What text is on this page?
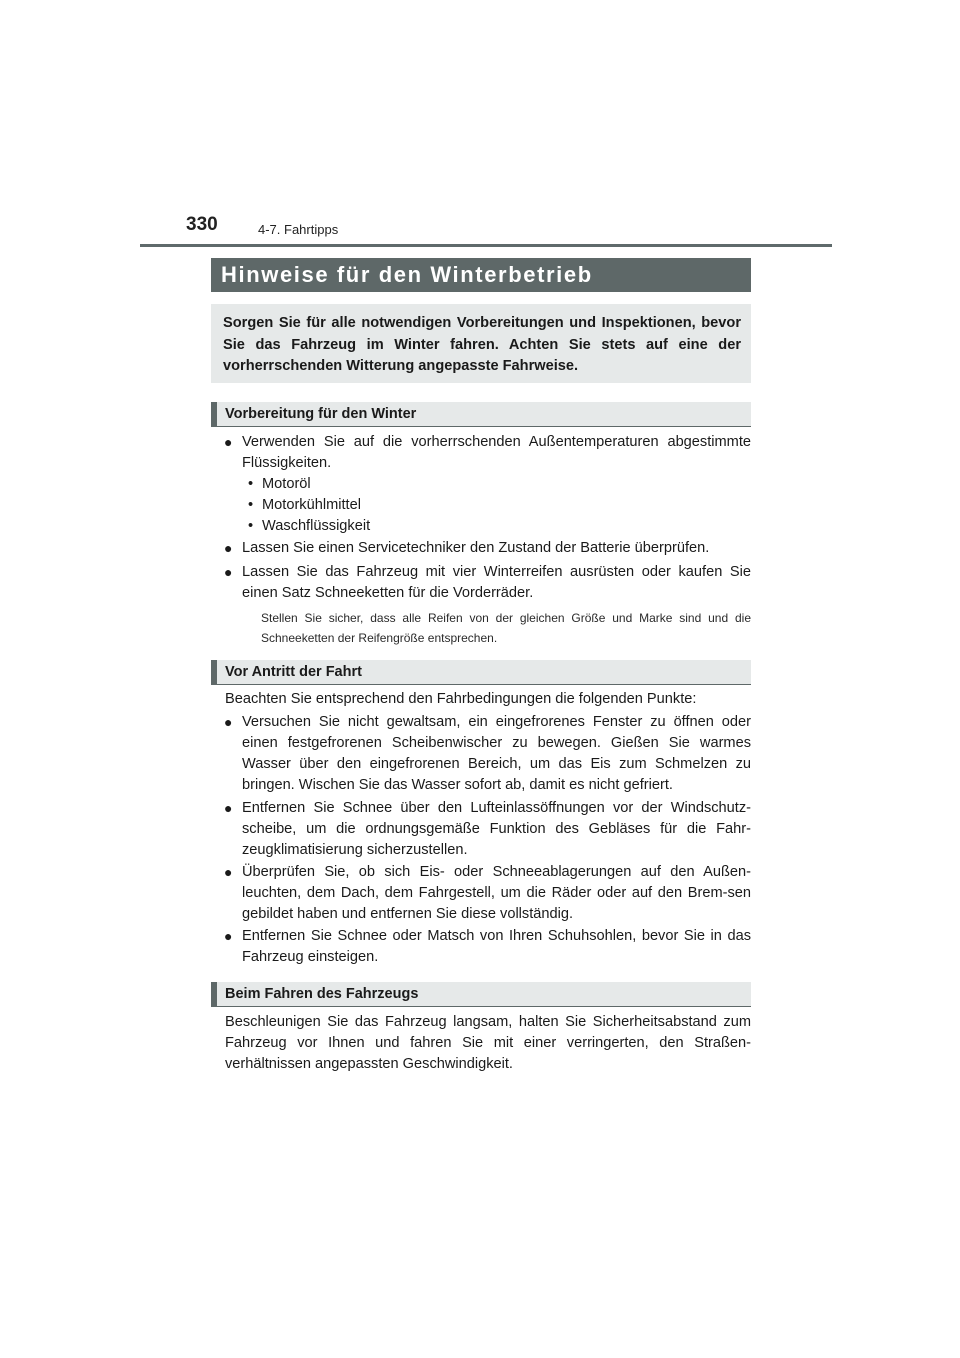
330	4-7. Fahrtipps
Hinweise für den Winterbetrieb
Sorgen Sie für alle notwendigen Vorbereitungen und Inspektionen, bevor Sie das Fahrzeug im Winter fahren. Achten Sie stets auf eine der vorherrschenden Witterung angepasste Fahrweise.
Vorbereitung für den Winter
● Verwenden Sie auf die vorherrschenden Außentemperaturen abgestimmte Flüssigkeiten.
• Motoröl
• Motorkühlmittel
• Waschflüssigkeit
● Lassen Sie einen Servicetechniker den Zustand der Batterie überprüfen.
● Lassen Sie das Fahrzeug mit vier Winterreifen ausrüsten oder kaufen Sie einen Satz Schneeketten für die Vorderräder.
Stellen Sie sicher, dass alle Reifen von der gleichen Größe und Marke sind und die Schneeketten der Reifengröße entsprechen.
Vor Antritt der Fahrt
Beachten Sie entsprechend den Fahrbedingungen die folgenden Punkte:
● Versuchen Sie nicht gewaltsam, ein eingefrorenes Fenster zu öffnen oder einen festgefrorenen Scheibenwischer zu bewegen. Gießen Sie warmes Wasser über den eingefrorenen Bereich, um das Eis zum Schmelzen zu bringen. Wischen Sie das Wasser sofort ab, damit es nicht gefriert.
● Entfernen Sie Schnee über den Lufteinlassöffnungen vor der Windschutz-scheibe, um die ordnungsgemäße Funktion des Gebläses für die Fahr-zeugklimatisierung sicherzustellen.
● Überprüfen Sie, ob sich Eis- oder Schneeablagerungen auf den Außen-leuchten, dem Dach, dem Fahrgestell, um die Räder oder auf den Brem-sen gebildet haben und entfernen Sie diese vollständig.
● Entfernen Sie Schnee oder Matsch von Ihren Schuhsohlen, bevor Sie in das Fahrzeug einsteigen.
Beim Fahren des Fahrzeugs
Beschleunigen Sie das Fahrzeug langsam, halten Sie Sicherheitsabstand zum Fahrzeug vor Ihnen und fahren Sie mit einer verringerten, den Straßen-verhältnissen angepassten Geschwindigkeit.
